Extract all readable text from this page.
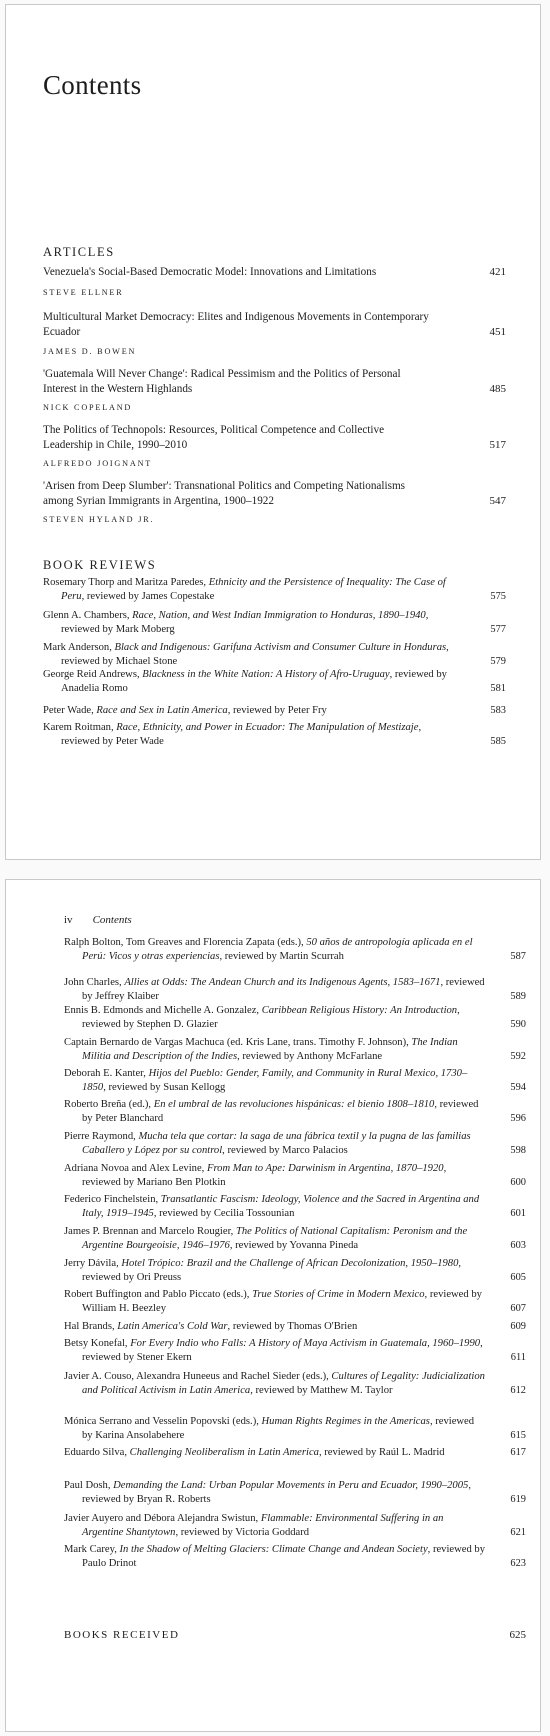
Contents
ARTICLES
Venezuela's Social-Based Democratic Model: Innovations and Limitations	421
STEVE ELLNER
Multicultural Market Democracy: Elites and Indigenous Movements in Contemporary Ecuador	451
JAMES D. BOWEN
'Guatemala Will Never Change': Radical Pessimism and the Politics of Personal Interest in the Western Highlands	485
NICK COPELAND
The Politics of Technopols: Resources, Political Competence and Collective Leadership in Chile, 1990–2010	517
ALFREDO JOIGNANT
'Arisen from Deep Slumber': Transnational Politics and Competing Nationalisms among Syrian Immigrants in Argentina, 1900–1922	547
STEVEN HYLAND JR.
BOOK REVIEWS
Rosemary Thorp and Maritza Paredes, Ethnicity and the Persistence of Inequality: The Case of Peru, reviewed by James Copestake	575
Glenn A. Chambers, Race, Nation, and West Indian Immigration to Honduras, 1890–1940, reviewed by Mark Moberg	577
Mark Anderson, Black and Indigenous: Garifuna Activism and Consumer Culture in Honduras, reviewed by Michael Stone	579
George Reid Andrews, Blackness in the White Nation: A History of Afro-Uruguay, reviewed by Anadelia Romo	581
Peter Wade, Race and Sex in Latin America, reviewed by Peter Fry	583
Karem Roitman, Race, Ethnicity, and Power in Ecuador: The Manipulation of Mestizaje, reviewed by Peter Wade	585
iv Contents
Ralph Bolton, Tom Greaves and Florencia Zapata (eds.), 50 años de antropología aplicada en el Perú: Vicos y otras experiencias, reviewed by Martin Scurrah	587
John Charles, Allies at Odds: The Andean Church and its Indigenous Agents, 1583–1671, reviewed by Jeffrey Klaiber	589
Ennis B. Edmonds and Michelle A. Gonzalez, Caribbean Religious History: An Introduction, reviewed by Stephen D. Glazier	590
Captain Bernardo de Vargas Machuca (ed. Kris Lane, trans. Timothy F. Johnson), The Indian Militia and Description of the Indies, reviewed by Anthony McFarlane	592
Deborah E. Kanter, Hijos del Pueblo: Gender, Family, and Community in Rural Mexico, 1730–1850, reviewed by Susan Kellogg	594
Roberto Breña (ed.), En el umbral de las revoluciones hispánicas: el bienio 1808–1810, reviewed by Peter Blanchard	596
Pierre Raymond, Mucha tela que cortar: la saga de una fábrica textil y la pugna de las familias Caballero y López por su control, reviewed by Marco Palacios	598
Adriana Novoa and Alex Levine, From Man to Ape: Darwinism in Argentina, 1870–1920, reviewed by Mariano Ben Plotkin	600
Federico Finchelstein, Transatlantic Fascism: Ideology, Violence and the Sacred in Argentina and Italy, 1919–1945, reviewed by Cecilia Tossounian	601
James P. Brennan and Marcelo Rougier, The Politics of National Capitalism: Peronism and the Argentine Bourgeoisie, 1946–1976, reviewed by Yovanna Pineda	603
Jerry Dávila, Hotel Trópico: Brazil and the Challenge of African Decolonization, 1950–1980, reviewed by Ori Preuss	605
Robert Buffington and Pablo Piccato (eds.), True Stories of Crime in Modern Mexico, reviewed by William H. Beezley	607
Hal Brands, Latin America's Cold War, reviewed by Thomas O'Brien	609
Betsy Konefal, For Every Indio who Falls: A History of Maya Activism in Guatemala, 1960–1990, reviewed by Stener Ekern	611
Javier A. Couso, Alexandra Huneeus and Rachel Sieder (eds.), Cultures of Legality: Judicialization and Political Activism in Latin America, reviewed by Matthew M. Taylor	612
Mónica Serrano and Vesselin Popovski (eds.), Human Rights Regimes in the Americas, reviewed by Karina Ansolabehere	615
Eduardo Silva, Challenging Neoliberalism in Latin America, reviewed by Raúl L. Madrid	617
Paul Dosh, Demanding the Land: Urban Popular Movements in Peru and Ecuador, 1990–2005, reviewed by Bryan R. Roberts	619
Javier Auyero and Débora Alejandra Swistun, Flammable: Environmental Suffering in an Argentine Shantytown, reviewed by Victoria Goddard	621
Mark Carey, In the Shadow of Melting Glaciers: Climate Change and Andean Society, reviewed by Paulo Drinot	623
BOOKS RECEIVED	625
